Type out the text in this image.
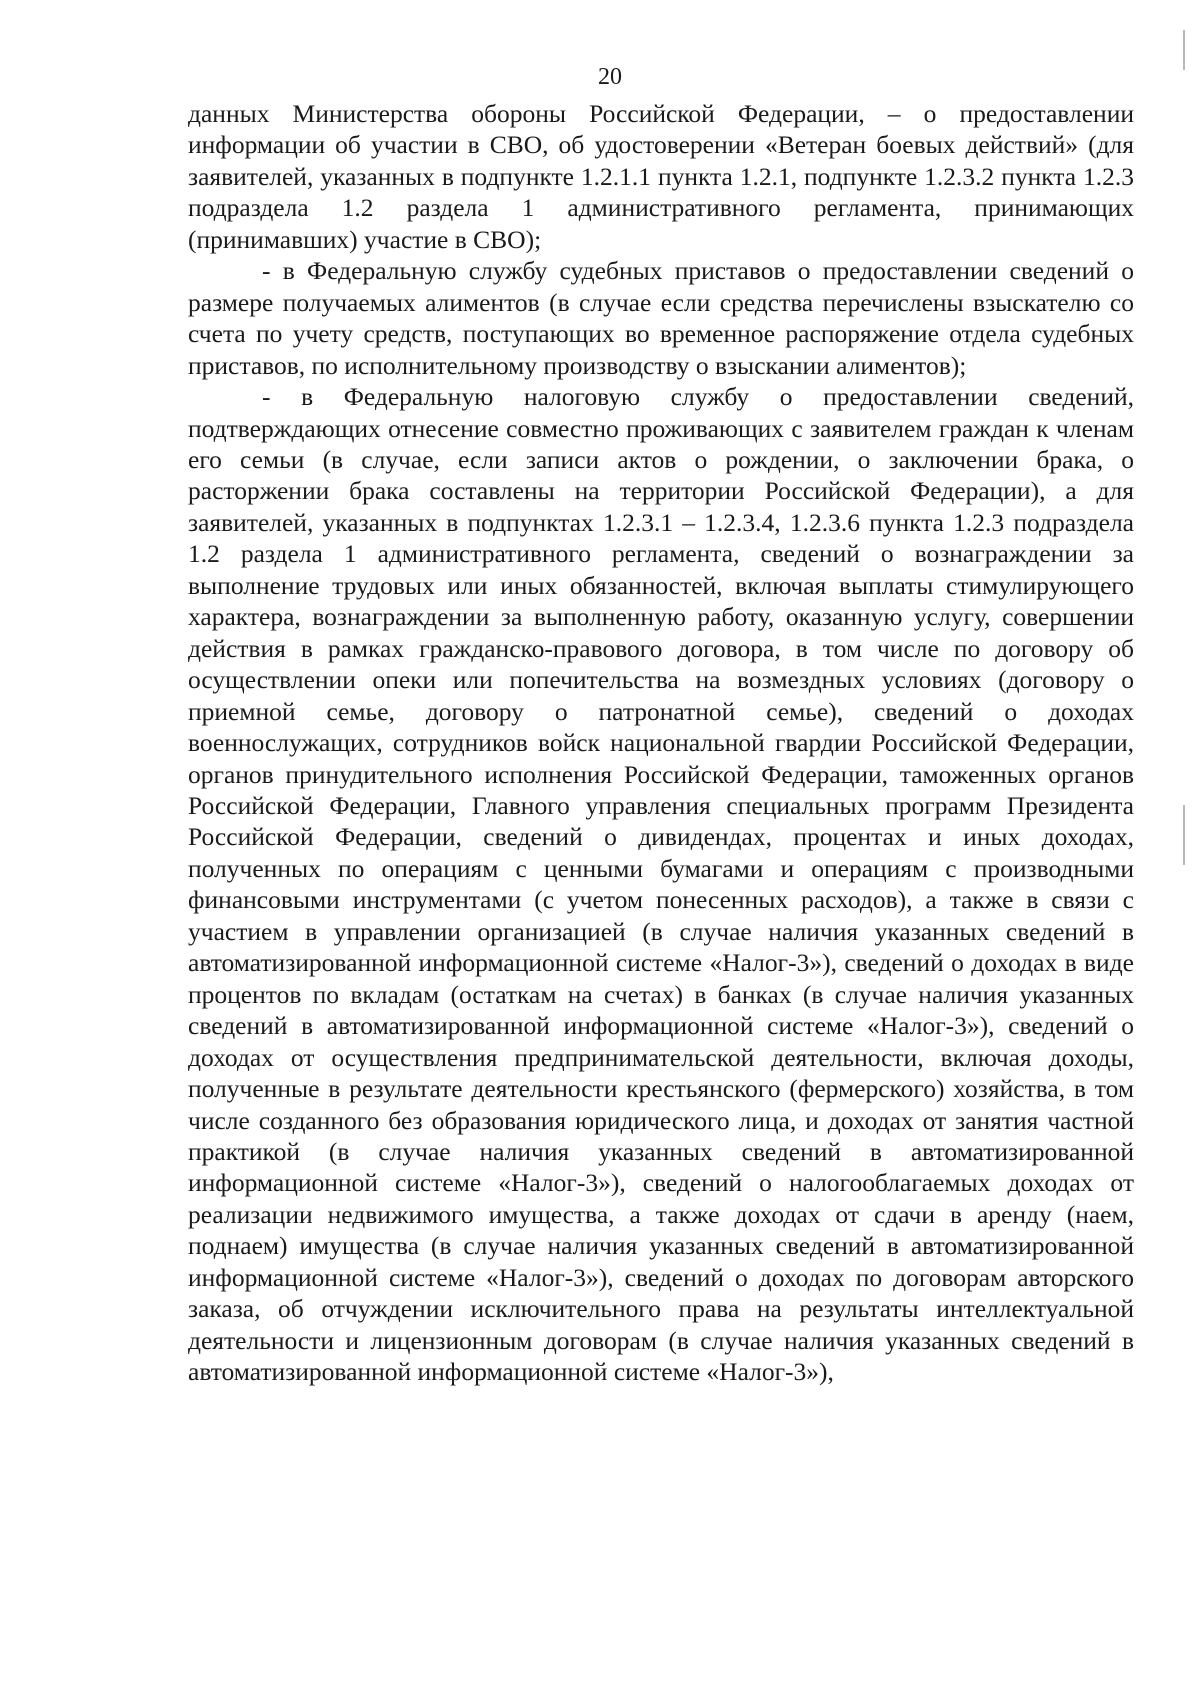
20

данных Министерства обороны Российской Федерации, – о предоставлении информации об участии в СВО, об удостоверении «Ветеран боевых действий» (для заявителей, указанных в подпункте 1.2.1.1 пункта 1.2.1, подпункте 1.2.3.2 пункта 1.2.3 подраздела 1.2 раздела 1 административного регламента, принимающих (принимавших) участие в СВО);

- в Федеральную службу судебных приставов о предоставлении сведений о размере получаемых алиментов (в случае если средства перечислены взыскателю со счета по учету средств, поступающих во временное распоряжение отдела судебных приставов, по исполнительному производству о взыскании алиментов);

- в Федеральную налоговую службу о предоставлении сведений, подтверждающих отнесение совместно проживающих с заявителем граждан к членам его семьи (в случае, если записи актов о рождении, о заключении брака, о расторжении брака составлены на территории Российской Федерации), а для заявителей, указанных в подпунктах 1.2.3.1 – 1.2.3.4, 1.2.3.6 пункта 1.2.3 подраздела 1.2 раздела 1 административного регламента, сведений о вознаграждении за выполнение трудовых или иных обязанностей, включая выплаты стимулирующего характера, вознаграждении за выполненную работу, оказанную услугу, совершении действия в рамках гражданско-правового договора, в том числе по договору об осуществлении опеки или попечительства на возмездных условиях (договору о приемной семье, договору о патронатной семье), сведений о доходах военнослужащих, сотрудников войск национальной гвардии Российской Федерации, органов принудительного исполнения Российской Федерации, таможенных органов Российской Федерации, Главного управления специальных программ Президента Российской Федерации, сведений о дивидендах, процентах и иных доходах, полученных по операциям с ценными бумагами и операциям с производными финансовыми инструментами (с учетом понесенных расходов), а также в связи с участием в управлении организацией (в случае наличия указанных сведений в автоматизированной информационной системе «Налог-3»), сведений о доходах в виде процентов по вкладам (остаткам на счетах) в банках (в случае наличия указанных сведений в автоматизированной информационной системе «Налог-3»), сведений о доходах от осуществления предпринимательской деятельности, включая доходы, полученные в результате деятельности крестьянского (фермерского) хозяйства, в том числе созданного без образования юридического лица, и доходах от занятия частной практикой (в случае наличия указанных сведений в автоматизированной информационной системе «Налог-3»), сведений о налогооблагаемых доходах от реализации недвижимого имущества, а также доходах от сдачи в аренду (наем, поднаем) имущества (в случае наличия указанных сведений в автоматизированной информационной системе «Налог-3»), сведений о доходах по договорам авторского заказа, об отчуждении исключительного права на результаты интеллектуальной деятельности и лицензионным договорам (в случае наличия указанных сведений в автоматизированной информационной системе «Налог-3»),
